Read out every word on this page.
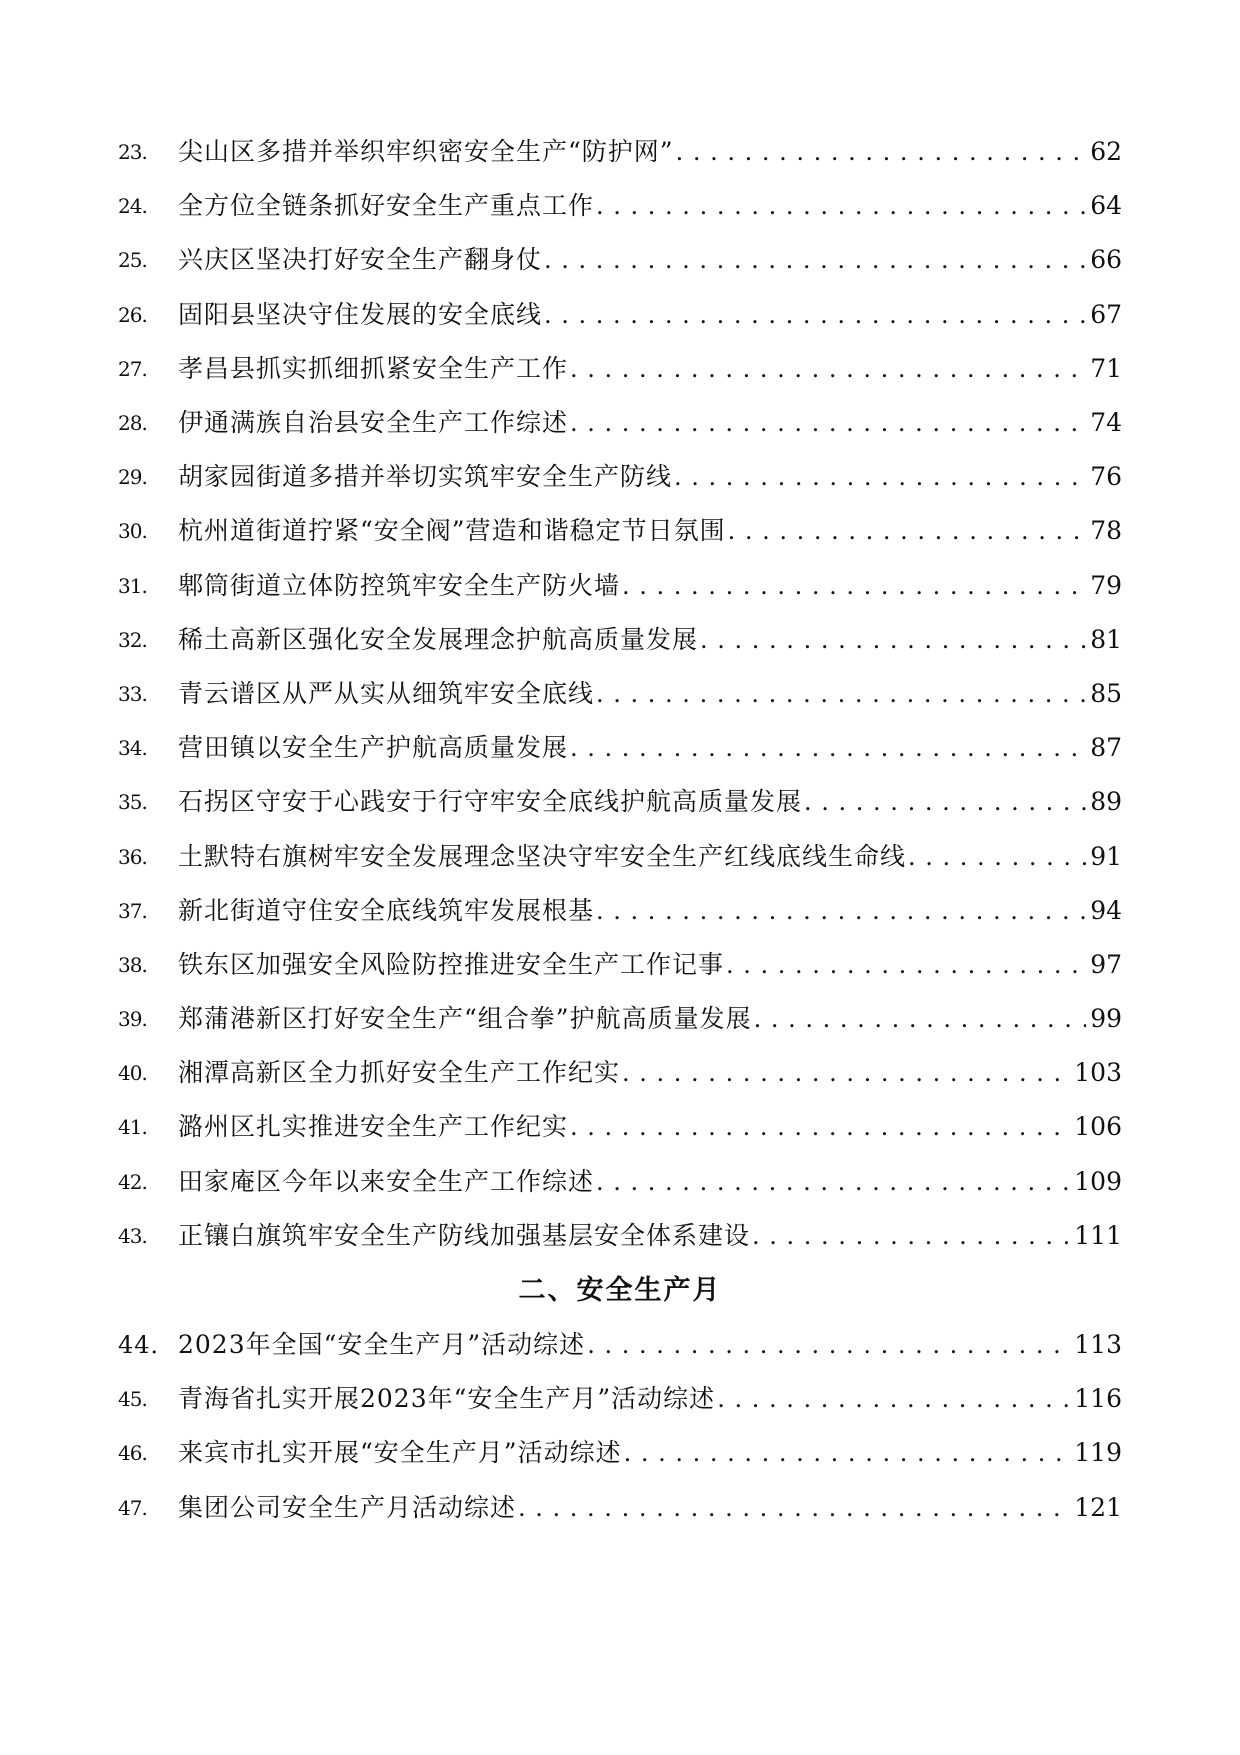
23.	尖山区多措并举织牢织密安全生产“防护网” . . .	62
24.	全方位全链条抓好安全生产重点工作 . . .	64
25.	兴庆区坚决打好安全生产翻身仗 . . .	66
26.	固阳县坚决守住发展的安全底线 . . .	67
27.	孝昌县抓实抓细抓紧安全生产工作 . . .	71
28.	伊通满族自治县安全生产工作综述 . . .	74
29.	胡家园街道多措并举切实筑牢安全生产防线 . . .	76
30.	杭州道街道拧紧“安全阀”营造和谐稳定节日氛围 . . .	78
31.	郫筒街道立体防控筑牢安全生产防火墙 . . .	79
32.	稀土高新区强化安全发展理念护航高质量发展 . . .	81
33.	青云谱区从严从实从细筑牢安全底线 . . .	85
34.	营田镇以安全生产护航高质量发展 . . .	87
35.	石拐区守安于心践安于行守牢安全底线护航高质量发展 . . .	89
36.	土默特右旗树牢安全发展理念坚决守牢安全生产红线底线生命线 . . .	91
37.	新北街道守住安全底线筑牢发展根基 . . .	94
38.	铁东区加强安全风险防控推进安全生产工作记事 . . .	97
39.	郑蒲港新区打好安全生产“组合拳”护航高质量发展 . . .	99
40.	湘潭高新区全力抓好安全生产工作纪实 . . .	103
41.	潞州区扎实推进安全生产工作纪实 . . .	106
42.	田家庵区今年以来安全生产工作综述 . . .	109
43.	正镶白旗筑牢安全生产防线加强基层安全体系建设 . . .	111
二、安全生产月
44． 2023年全国“安全生产月”活动综述 . . .	113
45.	青海省扎实开展2023年“安全生产月”活动综述 . . .	116
46.	来宾市扎实开展“安全生产月”活动综述 . . .	119
47.	集团公司安全生产月活动综述 . . .	121
